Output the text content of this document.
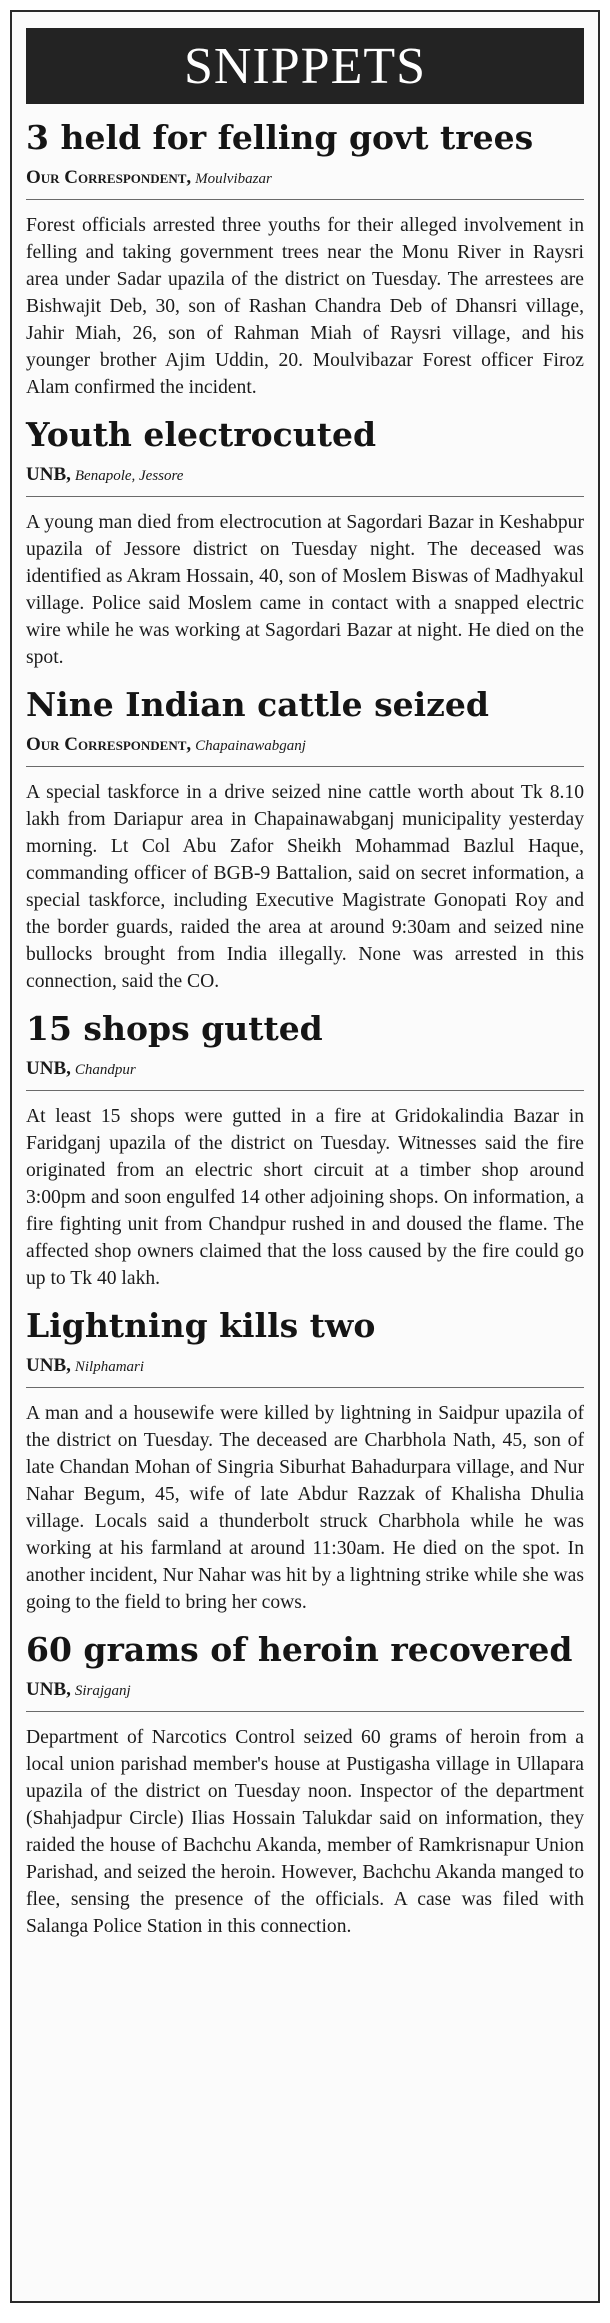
SNIPPETS
3 held for felling govt trees
Our Correspondent, Moulvibazar

Forest officials arrested three youths for their alleged involvement in felling and taking government trees near the Monu River in Raysri area under Sadar upazila of the district on Tuesday. The arrestees are Bishwajit Deb, 30, son of Rashan Chandra Deb of Dhansri village, Jahir Miah, 26, son of Rahman Miah of Raysri village, and his younger brother Ajim Uddin, 20. Moulvibazar Forest officer Firoz Alam confirmed the incident.

Youth electrocuted
UNB, Benapole, Jessore

A young man died from electrocution at Sagordari Bazar in Keshabpur upazila of Jessore district on Tuesday night. The deceased was identified as Akram Hossain, 40, son of Moslem Biswas of Madhyakul village. Police said Moslem came in contact with a snapped electric wire while he was working at Sagordari Bazar at night. He died on the spot.

Nine Indian cattle seized
Our Correspondent, Chapainawabganj

A special taskforce in a drive seized nine cattle worth about Tk 8.10 lakh from Dariapur area in Chapainawabganj municipality yesterday morning. Lt Col Abu Zafor Sheikh Mohammad Bazlul Haque, commanding officer of BGB-9 Battalion, said on secret information, a special taskforce, including Executive Magistrate Gonopati Roy and the border guards, raided the area at around 9:30am and seized nine bullocks brought from India illegally. None was arrested in this connection, said the CO.

15 shops gutted
UNB, Chandpur

At least 15 shops were gutted in a fire at Gridokalindia Bazar in Faridganj upazila of the district on Tuesday. Witnesses said the fire originated from an electric short circuit at a timber shop around 3:00pm and soon engulfed 14 other adjoining shops. On information, a fire fighting unit from Chandpur rushed in and doused the flame. The affected shop owners claimed that the loss caused by the fire could go up to Tk 40 lakh.

Lightning kills two
UNB, Nilphamari

A man and a housewife were killed by lightning in Saidpur upazila of the district on Tuesday. The deceased are Charbhola Nath, 45, son of late Chandan Mohan of Singria Siburhat Bahadurpara village, and Nur Nahar Begum, 45, wife of late Abdur Razzak of Khalisha Dhulia village. Locals said a thunderbolt struck Charbhola while he was working at his farmland at around 11:30am. He died on the spot. In another incident, Nur Nahar was hit by a lightning strike while she was going to the field to bring her cows.

60 grams of heroin recovered
UNB, Sirajganj

Department of Narcotics Control seized 60 grams of heroin from a local union parishad member's house at Pustigasha village in Ullapara upazila of the district on Tuesday noon. Inspector of the department (Shahjadpur Circle) Ilias Hossain Talukdar said on information, they raided the house of Bachchu Akanda, member of Ramkrisnapur Union Parishad, and seized the heroin. However, Bachchu Akanda manged to flee, sensing the presence of the officials. A case was filed with Salanga Police Station in this connection.
